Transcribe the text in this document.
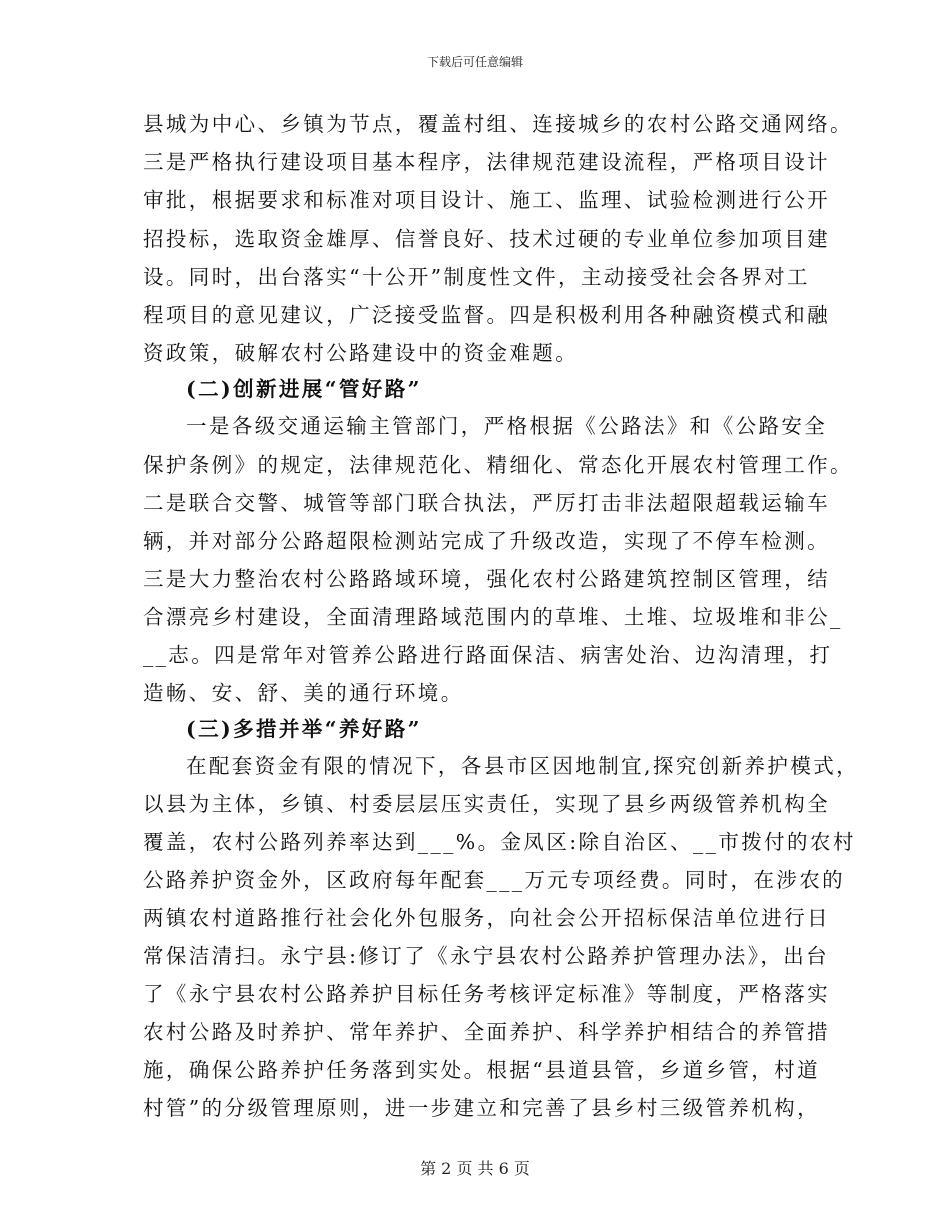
下载后可任意编辑
县城为中心、乡镇为节点，覆盖村组、连接城乡的农村公路交通网络。
三是严格执行建设项目基本程序，法律规范建设流程，严格项目设计
审批，根据要求和标准对项目设计、施工、监理、试验检测进行公开
招投标，选取资金雄厚、信誉良好、技术过硬的专业单位参加项目建
设。同时，出台落实“十公开”制度性文件，主动接受社会各界对工
程项目的意见建议，广泛接受监督。四是积极利用各种融资模式和融
资政策，破解农村公路建设中的资金难题。
(二)创新进展“管好路”
一是各级交通运输主管部门，严格根据《公路法》和《公路安全
保护条例》的规定，法律规范化、精细化、常态化开展农村管理工作。
二是联合交警、城管等部门联合执法，严厉打击非法超限超载运输车
辆，并对部分公路超限检测站完成了升级改造，实现了不停车检测。
三是大力整治农村公路路域环境，强化农村公路建筑控制区管理，结
合漂亮乡村建设，全面清理路域范围内的草堆、土堆、垃圾堆和非公_
__志。四是常年对管养公路进行路面保洁、病害处治、边沟清理，打
造畅、安、舒、美的通行环境。
(三)多措并举“养好路”
在配套资金有限的情况下，各县市区因地制宜,探究创新养护模式，
以县为主体，乡镇、村委层层压实责任，实现了县乡两级管养机构全
覆盖，农村公路列养率达到___%。金凤区:除自治区、__市拨付的农村
公路养护资金外，区政府每年配套___万元专项经费。同时，在涉农的
两镇农村道路推行社会化外包服务，向社会公开招标保洁单位进行日
常保洁清扫。永宁县:修订了《永宁县农村公路养护管理办法》，出台
了《永宁县农村公路养护目标任务考核评定标准》等制度，严格落实
农村公路及时养护、常年养护、全面养护、科学养护相结合的养管措
施，确保公路养护任务落到实处。根据“县道县管，乡道乡管，村道
村管”的分级管理原则，进一步建立和完善了县乡村三级管养机构，
第 2 页 共 6 页
